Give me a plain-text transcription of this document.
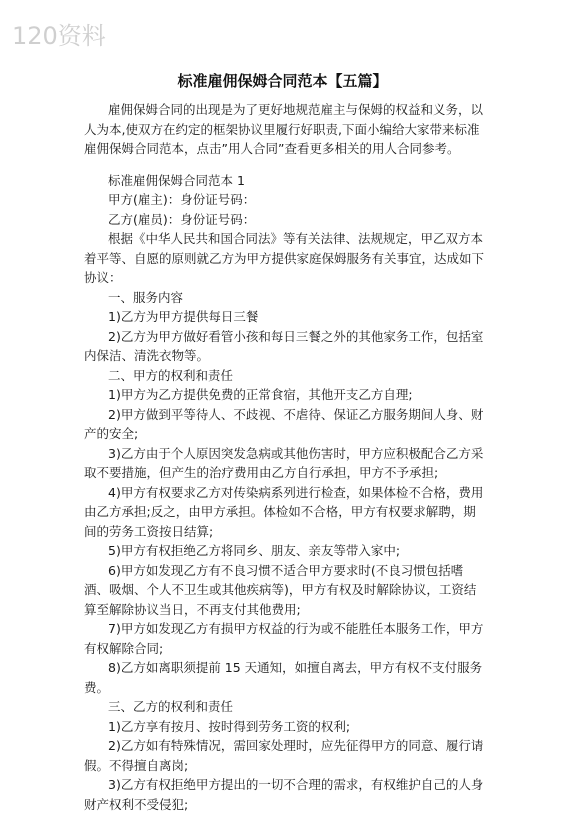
120资料
标准雇佣保姆合同范本【五篇】

雇佣保姆合同的出现是为了更好地规范雇主与保姆的权益和义务，以人为本,使双方在约定的框架协议里履行好职责,下面小编给大家带来标准雇佣保姆合同范本，点击”用人合同”查看更多相关的用人合同参考。

标准雇佣保姆合同范本 1

甲方(雇主)：身份证号码：

乙方(雇员)：身份证号码：

根据《中华人民共和国合同法》等有关法律、法规规定，甲乙双方本着平等、自愿的原则就乙方为甲方提供家庭保姆服务有关事宜，达成如下协议：

一、服务内容

1)乙方为甲方提供每日三餐

2)乙方为甲方做好看管小孩和每日三餐之外的其他家务工作，包括室内保洁、清洗衣物等。

二、甲方的权利和责任

1)甲方为乙方提供免费的正常食宿，其他开支乙方自理;

2)甲方做到平等待人、不歧视、不虐待、保证乙方服务期间人身、财产的安全;

3)乙方由于个人原因突发急病或其他伤害时，甲方应积极配合乙方采取不要措施，但产生的治疗费用由乙方自行承担，甲方不予承担;

4)甲方有权要求乙方对传染病系列进行检查，如果体检不合格，费用由乙方承担;反之，由甲方承担。体检如不合格，甲方有权要求解聘，期间的劳务工资按日结算;

5)甲方有权拒绝乙方将同乡、朋友、亲友等带入家中;

6)甲方如发现乙方有不良习惯不适合甲方要求时(不良习惯包括嗜酒、吸烟、个人不卫生或其他疾病等)，甲方有权及时解除协议，工资结算至解除协议当日，不再支付其他费用;

7)甲方如发现乙方有损甲方权益的行为或不能胜任本服务工作，甲方有权解除合同;

8)乙方如离职须提前 15 天通知，如擅自离去，甲方有权不支付服务费。

三、乙方的权利和责任

1)乙方享有按月、按时得到劳务工资的权利;

2)乙方如有特殊情况，需回家处理时，应先征得甲方的同意、履行请假。不得擅自离岗;

3)乙方有权拒绝甲方提出的一切不合理的需求，有权维护自己的人身财产权利不受侵犯;
